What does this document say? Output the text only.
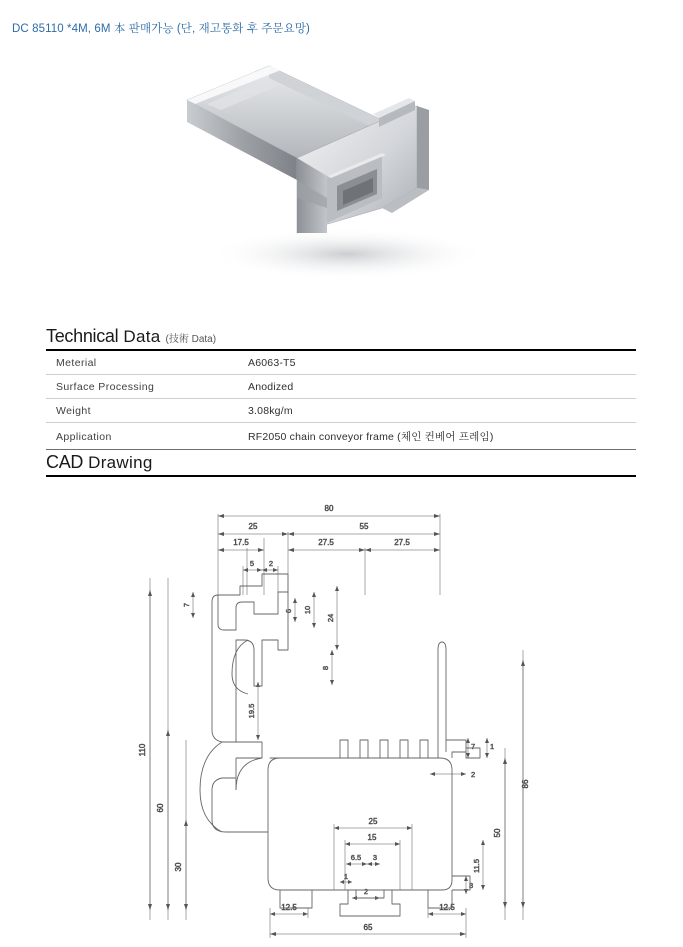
DC 85110 *4M, 6M 本 판매가능 (단, 재고통화 후 주문요망)
Technical Data (技術 Data)
Meterial	A6063-T5
Surface Processing	Anodized
Weight	3.08kg/m
Application	RF2050 chain conveyor frame (체인 컨베어 프레임)
CAD Drawing
80
25	55
17.5	27.5	27.5
5 2
110
60
30
7
19.5
6 10
24
8
86
50
7 1
2
11.5
3
25
15
6.5 3
1
2
12.5	12.5
65
